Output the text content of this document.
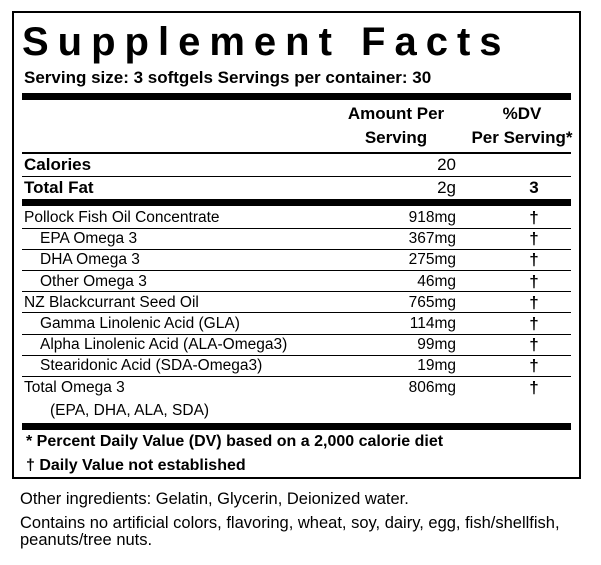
Supplement Facts
Serving size: 3 softgels Servings per container: 30
Amount Per
Serving
%DV
Per Serving*
Calories	20
Total Fat	2g	3
Pollock Fish Oil Concentrate	918mg	†
EPA Omega 3	367mg	†
DHA Omega 3	275mg	†
Other Omega 3	46mg	†
NZ Blackcurrant Seed Oil	765mg	†
Gamma Linolenic Acid (GLA)	114mg	†
Alpha Linolenic Acid (ALA-Omega3)	99mg	†
Stearidonic Acid (SDA-Omega3)	19mg	†
Total Omega 3	806mg	†
(EPA, DHA, ALA, SDA)
* Percent Daily Value (DV) based on a 2,000 calorie diet
† Daily Value not established
Other ingredients: Gelatin, Glycerin, Deionized water.
Contains no artificial colors, flavoring, wheat, soy, dairy, egg, fish/shellfish, peanuts/tree nuts.
